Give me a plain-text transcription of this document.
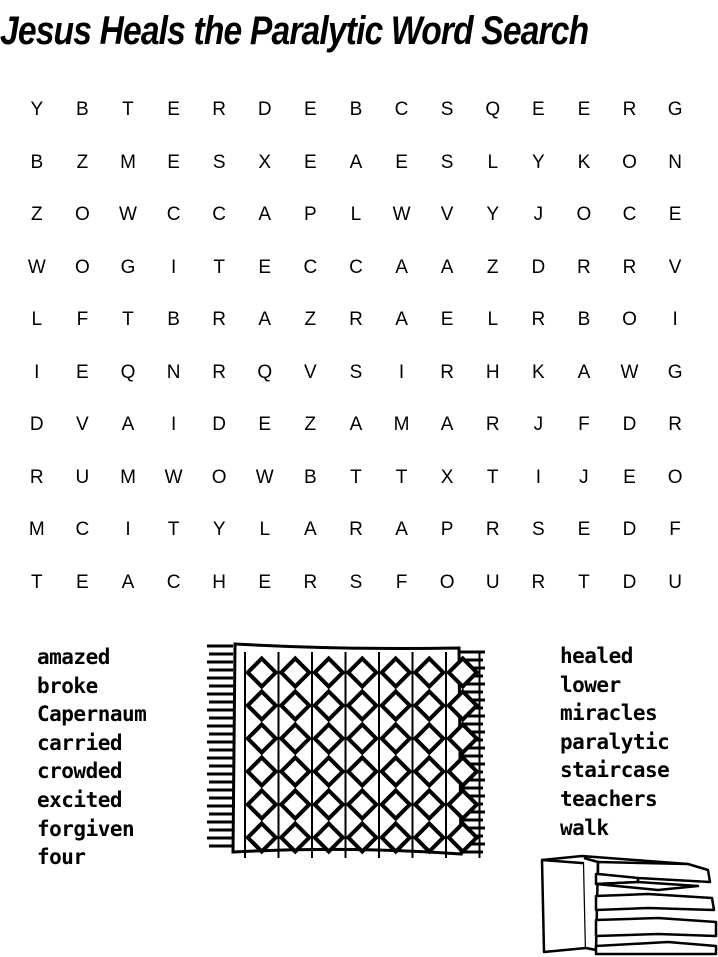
Jesus Heals the Paralytic Word Search
Y	B	T	E	R	D	E	B	C	S	Q	E	E	R	G
B	Z	M	E	S	X	E	A	E	S	L	Y	K	O	N
Z	O	W	C	C	A	P	L	W	V	Y	J	O	C	E
W	O	G	I	T	E	C	C	A	A	Z	D	R	R	V
L	F	T	B	R	A	Z	R	A	E	L	R	B	O	I
I	E	Q	N	R	Q	V	S	I	R	H	K	A	W	G
D	V	A	I	D	E	Z	A	M	A	R	J	F	D	R
R	U	M	W	O	W	B	T	T	X	T	I	J	E	O
M	C	I	T	Y	L	A	R	A	P	R	S	E	D	F
T	E	A	C	H	E	R	S	F	O	U	R	T	D	U
amazed
broke
Capernaum
carried
crowded
excited
forgiven
four
healed
lower
miracles
paralytic
staircase
teachers
walk
